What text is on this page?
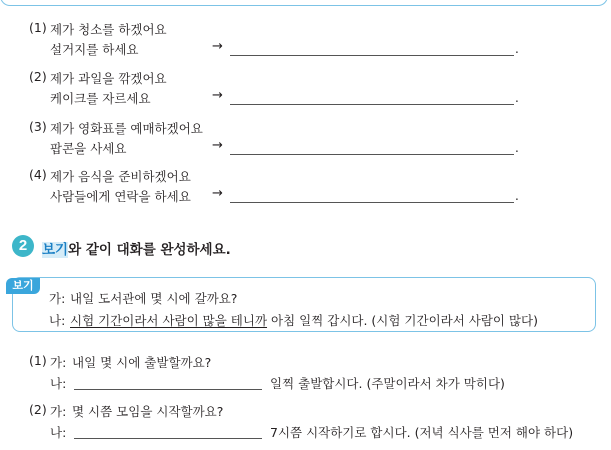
(1) 제가 청소를 하겠어요
설거지를 하세요	→	.
(2) 제가 과일을 깎겠어요
케이크를 자르세요	→	.
(3) 제가 영화표를 예매하겠어요
팝콘을 사세요	→	.
(4) 제가 음식을 준비하겠어요
사람들에게 연락을 하세요 →	.
2	보기와 같이 대화를 완성하세요.
보기
가: 내일 도서관에 몇 시에 갈까요?
나: 시험 기간이라서 사람이 많을 테니까 아침 일찍 갑시다. (시험 기간이라서 사람이 많다)
(1) 가: 내일 몇 시에 출발할까요?
나:	일찍 출발합시다. (주말이라서 차가 막히다)
(2) 가: 몇 시쯤 모임을 시작할까요?
나:	7시쯤 시작하기로 합시다. (저녁 식사를 먼저 해야 하다)
